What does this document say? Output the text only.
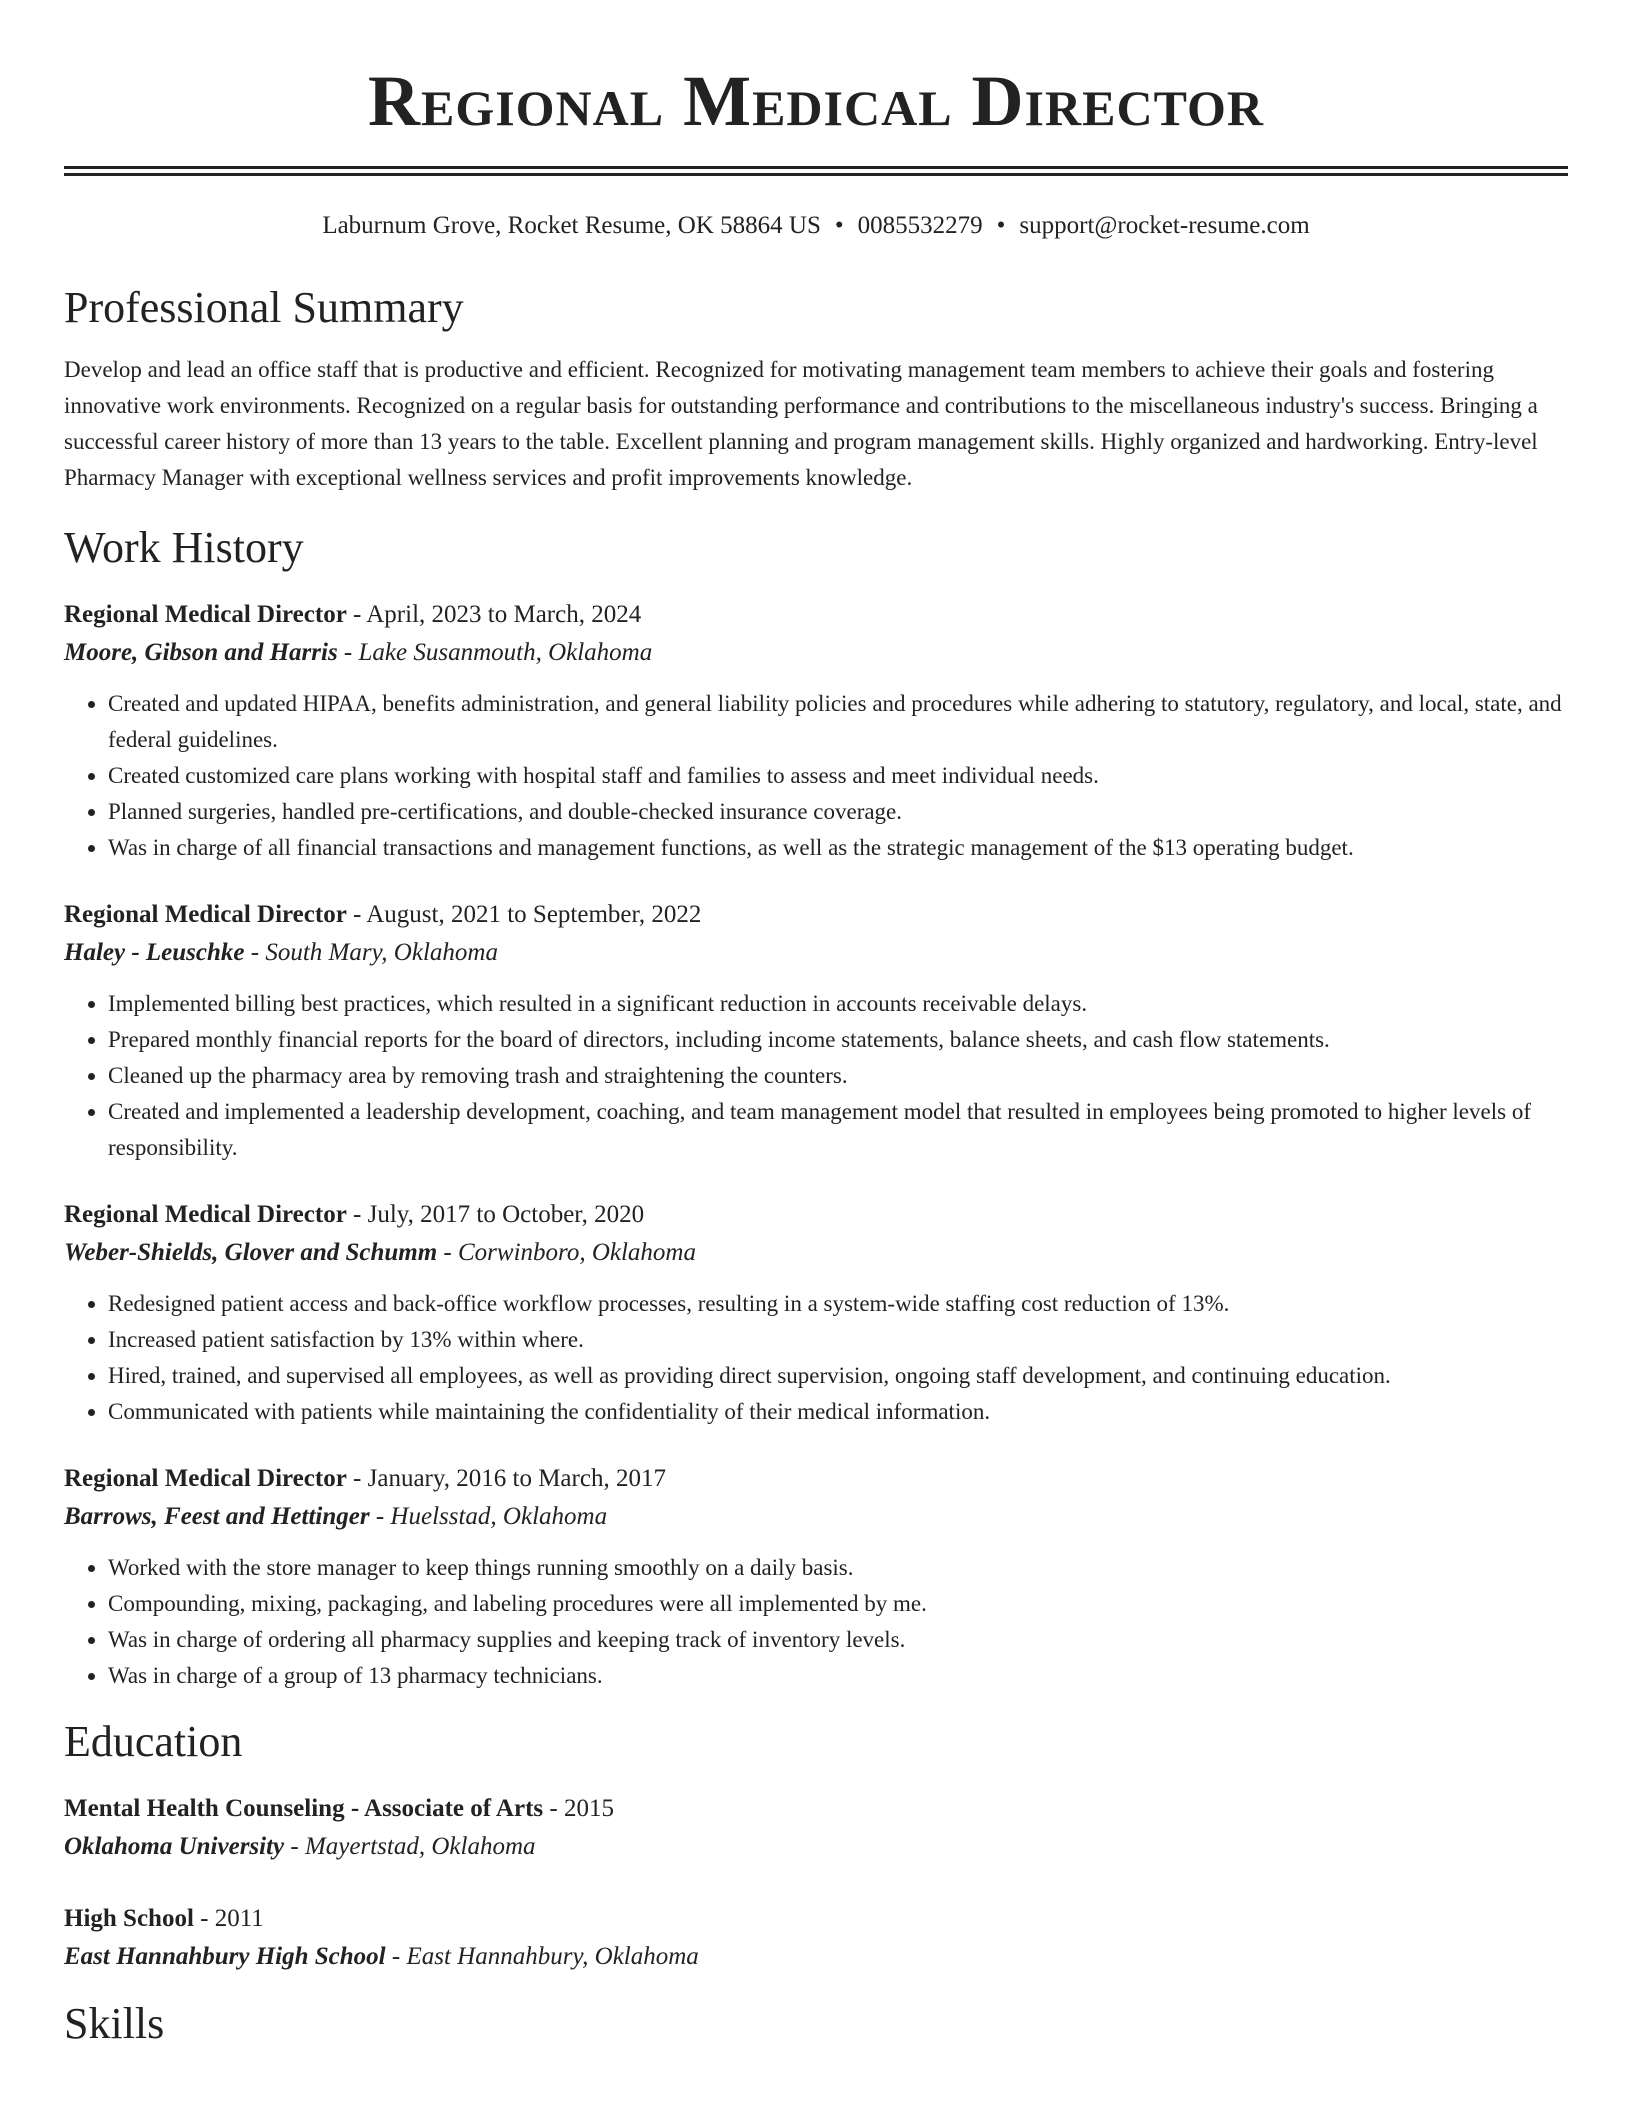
Regional Medical Director
Laburnum Grove, Rocket Resume, OK 58864 US • 0085532279 • support@rocket-resume.com
Professional Summary

Develop and lead an office staff that is productive and efficient. Recognized for motivating management team members to achieve their goals and fostering innovative work environments. Recognized on a regular basis for outstanding performance and contributions to the miscellaneous industry's success. Bringing a successful career history of more than 13 years to the table. Excellent planning and program management skills. Highly organized and hardworking. Entry-level Pharmacy Manager with exceptional wellness services and profit improvements knowledge.

Work History
Regional Medical Director - April, 2023 to March, 2024
Moore, Gibson and Harris - Lake Susanmouth, Oklahoma
• Created and updated HIPAA, benefits administration, and general liability policies and procedures while adhering to statutory, regulatory, and local, state, and federal guidelines.
• Created customized care plans working with hospital staff and families to assess and meet individual needs.
• Planned surgeries, handled pre-certifications, and double-checked insurance coverage.
• Was in charge of all financial transactions and management functions, as well as the strategic management of the $13 operating budget.
Regional Medical Director - August, 2021 to September, 2022
Haley - Leuschke - South Mary, Oklahoma
• Implemented billing best practices, which resulted in a significant reduction in accounts receivable delays.
• Prepared monthly financial reports for the board of directors, including income statements, balance sheets, and cash flow statements.
• Cleaned up the pharmacy area by removing trash and straightening the counters.
• Created and implemented a leadership development, coaching, and team management model that resulted in employees being promoted to higher levels of responsibility.
Regional Medical Director - July, 2017 to October, 2020
Weber-Shields, Glover and Schumm - Corwinboro, Oklahoma
• Redesigned patient access and back-office workflow processes, resulting in a system-wide staffing cost reduction of 13%.
• Increased patient satisfaction by 13% within where.
• Hired, trained, and supervised all employees, as well as providing direct supervision, ongoing staff development, and continuing education.
• Communicated with patients while maintaining the confidentiality of their medical information.
Regional Medical Director - January, 2016 to March, 2017
Barrows, Feest and Hettinger - Huelsstad, Oklahoma
• Worked with the store manager to keep things running smoothly on a daily basis.
• Compounding, mixing, packaging, and labeling procedures were all implemented by me.
• Was in charge of ordering all pharmacy supplies and keeping track of inventory levels.
• Was in charge of a group of 13 pharmacy technicians.
Education
Mental Health Counseling - Associate of Arts - 2015
Oklahoma University - Mayertstad, Oklahoma
High School - 2011
East Hannahbury High School - East Hannahbury, Oklahoma
Skills
